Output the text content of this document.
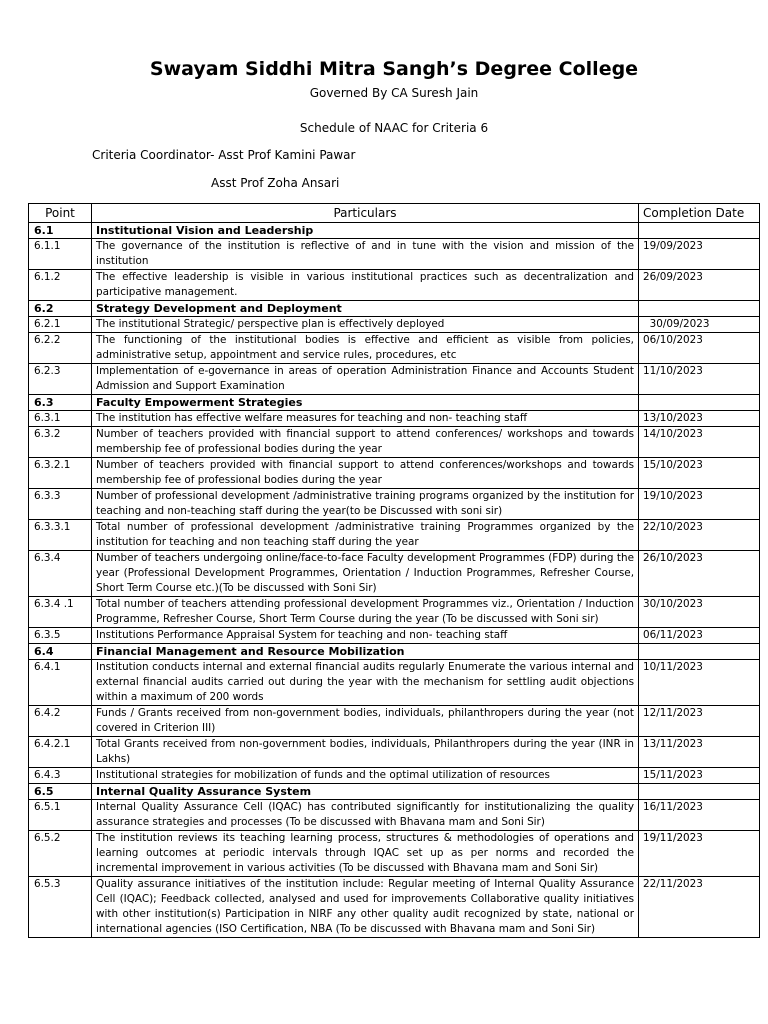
Swayam Siddhi Mitra Sangh’s Degree College
Governed By CA Suresh Jain
Schedule of NAAC for Criteria 6
Criteria Coordinator- Asst Prof Kamini Pawar
Asst Prof Zoha Ansari
Point	Particulars	Completion Date
6.1	Institutional Vision and Leadership	
6.1.1	The governance of the institution is reflective of and in tune with the vision and mission of the institution	19/09/2023
6.1.2	The effective leadership is visible in various institutional practices such as decentralization and participative management.	26/09/2023
6.2	Strategy Development and Deployment	
6.2.1	The institutional Strategic/ perspective plan is effectively deployed	30/09/2023
6.2.2	The functioning of the institutional bodies is effective and efficient as visible from policies, administrative setup, appointment and service rules, procedures, etc	06/10/2023
6.2.3	Implementation of e-governance in areas of operation Administration Finance and Accounts Student Admission and Support Examination	11/10/2023
6.3	Faculty Empowerment Strategies	
6.3.1	The institution has effective welfare measures for teaching and non- teaching staff	13/10/2023
6.3.2	Number of teachers provided with financial support to attend conferences/ workshops and towards membership fee of professional bodies during the year	14/10/2023
6.3.2.1	Number of teachers provided with financial support to attend conferences/workshops and towards membership fee of professional bodies during the year	15/10/2023
6.3.3	Number of professional development /administrative training programs organized by the institution for teaching and non-teaching staff during the year(to be Discussed with soni sir)	19/10/2023
6.3.3.1	Total number of professional development /administrative training Programmes organized by the institution for teaching and non teaching staff during the year	22/10/2023
6.3.4	Number of teachers undergoing online/face-to-face Faculty development Programmes (FDP) during the year (Professional Development Programmes, Orientation / Induction Programmes, Refresher Course, Short Term Course etc.)(To be discussed with Soni Sir)	26/10/2023
6.3.4 .1	Total number of teachers attending professional development Programmes viz., Orientation / Induction Programme, Refresher Course, Short Term Course during the year (To be discussed with Soni sir)	30/10/2023
6.3.5	Institutions Performance Appraisal System for teaching and non- teaching staff	06/11/2023
6.4	Financial Management and Resource Mobilization	
6.4.1	Institution conducts internal and external financial audits regularly Enumerate the various internal and external financial audits carried out during the year with the mechanism for settling audit objections within a maximum of 200 words	10/11/2023
6.4.2	Funds / Grants received from non-government bodies, individuals, philanthropers during the year (not covered in Criterion III)	12/11/2023
6.4.2.1	Total Grants received from non-government bodies, individuals, Philanthropers during the year (INR in Lakhs)	13/11/2023
6.4.3	Institutional strategies for mobilization of funds and the optimal utilization of resources	15/11/2023
6.5	Internal Quality Assurance System	
6.5.1	Internal Quality Assurance Cell (IQAC) has contributed significantly for institutionalizing the quality assurance strategies and processes (To be discussed with Bhavana mam and Soni Sir)	16/11/2023
6.5.2	The institution reviews its teaching learning process, structures & methodologies of operations and learning outcomes at periodic intervals through IQAC set up as per norms and recorded the incremental improvement in various activities (To be discussed with Bhavana mam and Soni Sir)	19/11/2023
6.5.3	Quality assurance initiatives of the institution include: Regular meeting of Internal Quality Assurance Cell (IQAC); Feedback collected, analysed and used for improvements Collaborative quality initiatives with other institution(s) Participation in NIRF any other quality audit recognized by state, national or international agencies (ISO Certification, NBA (To be discussed with Bhavana mam and Soni Sir)	22/11/2023
